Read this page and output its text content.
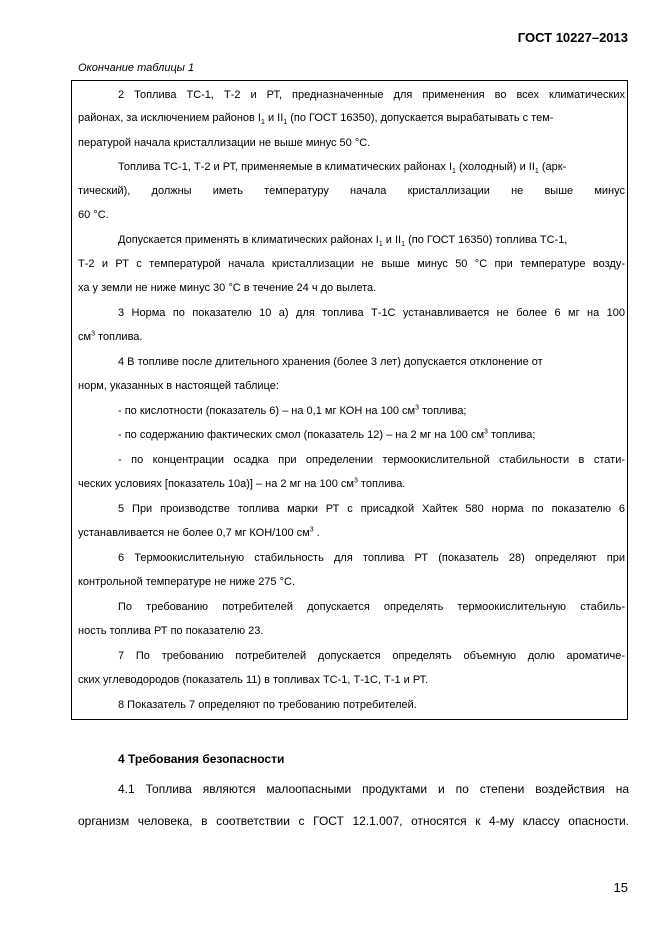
ГОСТ 10227–2013
Окончание таблицы 1
2 Топлива ТС-1, Т-2 и РТ, предназначенные для применения во всех климатических
районах, за исключением районов $I_1$ и $II_1$ (по ГОСТ 16350), допускается вырабатывать с тем-
пературой начала кристаллизации не выше минус 50 °С.
Топлива ТС-1, Т-2 и РТ, применяемые в климатических районах $I_1$ (холодный) и $II_1$ (арк-
тический), должны иметь температуру начала кристаллизации не выше минус
60 °С.
Допускается применять в климатических районах $I_1$ и $II_1$ (по ГОСТ 16350) топлива ТС-1,
Т-2 и РТ с температурой начала кристаллизации не выше минус 50 °С при температуре возду-
ха у земли не ниже минус 30 °С в течение 24 ч до вылета.
3 Норма по показателю 10 а) для топлива Т-1С устанавливается не более 6 мг на 100
$см^3$ топлива.
4 В топливе после длительного хранения (более 3 лет) допускается отклонение от
норм, указанных в настоящей таблице:
- по кислотности (показатель 6) – на 0,1 мг КОН на 100 $см^3$ топлива;
- по содержанию фактических смол (показатель 12) – на 2 мг на 100 $см^3$ топлива;
- по концентрации осадка при определении термоокислительной стабильности в стати-
ческих условиях [показатель 10а)] – на 2 мг на 100 $см^3$ топлива.
5 При производстве топлива марки РТ с присадкой Хайтек 580 норма по показателю 6
устанавливается не более 0,7 мг КОН/100 $см^3$ .
6 Термоокислительную стабильность для топлива РТ (показатель 28) определяют при
контрольной температуре не ниже 275 °С.
По требованию потребителей допускается определять термоокислительную стабиль-
ность топлива РТ по показателю 23.
7 По требованию потребителей допускается определять объемную долю ароматиче-
ских углеводородов (показатель 11) в топливах ТС-1, Т-1С, Т-1 и РТ.
8 Показатель 7 определяют по требованию потребителей.
4 Требования безопасности
4.1 Топлива являются малоопасными продуктами и по степени воздействия на
организм человека, в соответствии с ГОСТ 12.1.007, относятся к 4-му классу опасности.
15
